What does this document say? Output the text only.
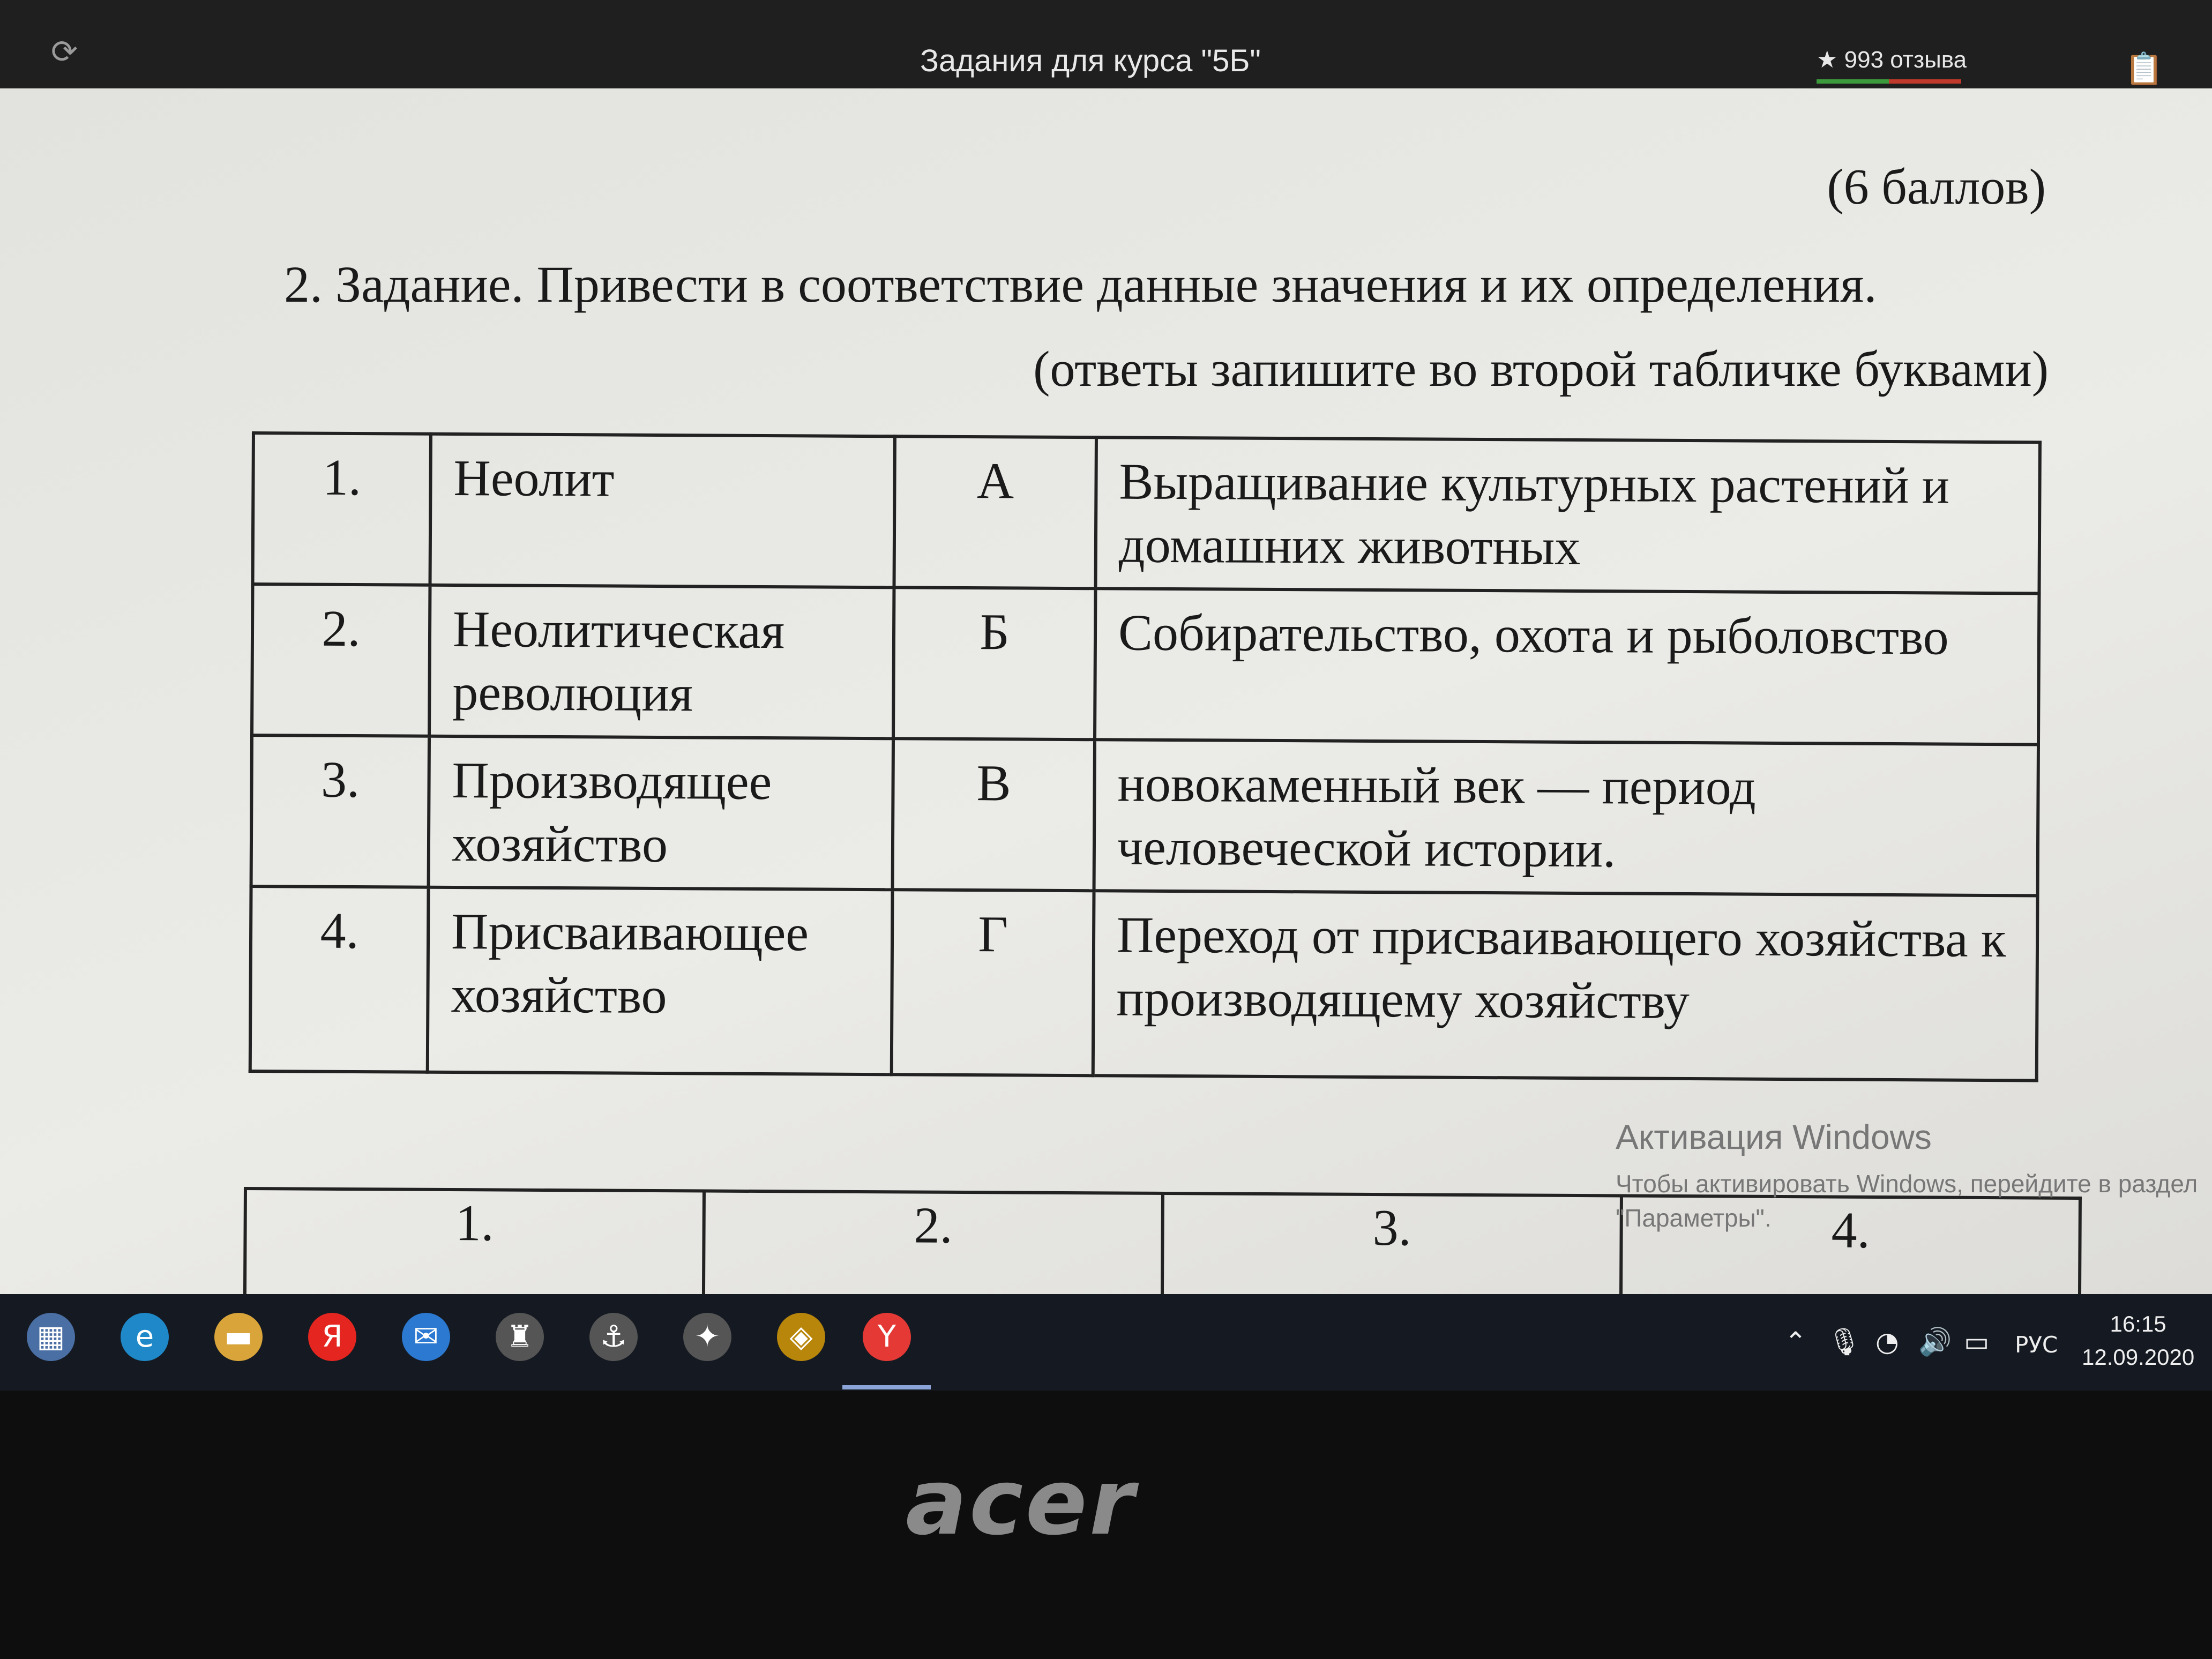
⟳	Задания для курса "5Б"	★ 993 отзыва	📋
(6 баллов)
2. Задание. Привести в соответствие данные значения и их определения.
(ответы запишите во второй табличке буквами)
1.	Неолит	А	Выращивание культурных растений и домашних животных
2.	Неолитическая революция	Б	Собирательство, охота и рыболовство
3.	Производящее хозяйство	В	новокаменный век — период человеческой истории.
4.	Присваивающее хозяйство	Г	Переход от присваивающего хозяйства к производящему хозяйству
1.	2.	3.	4.
Активация Windows
Чтобы активировать Windows, перейдите в раздел "Параметры".
▦	e	▬	Я	✉	♜	⚓	✦	◈	Y	⌃ 🎙 ◔ 🔊 ▭ РУС
16:15
12.09.2020
acer
